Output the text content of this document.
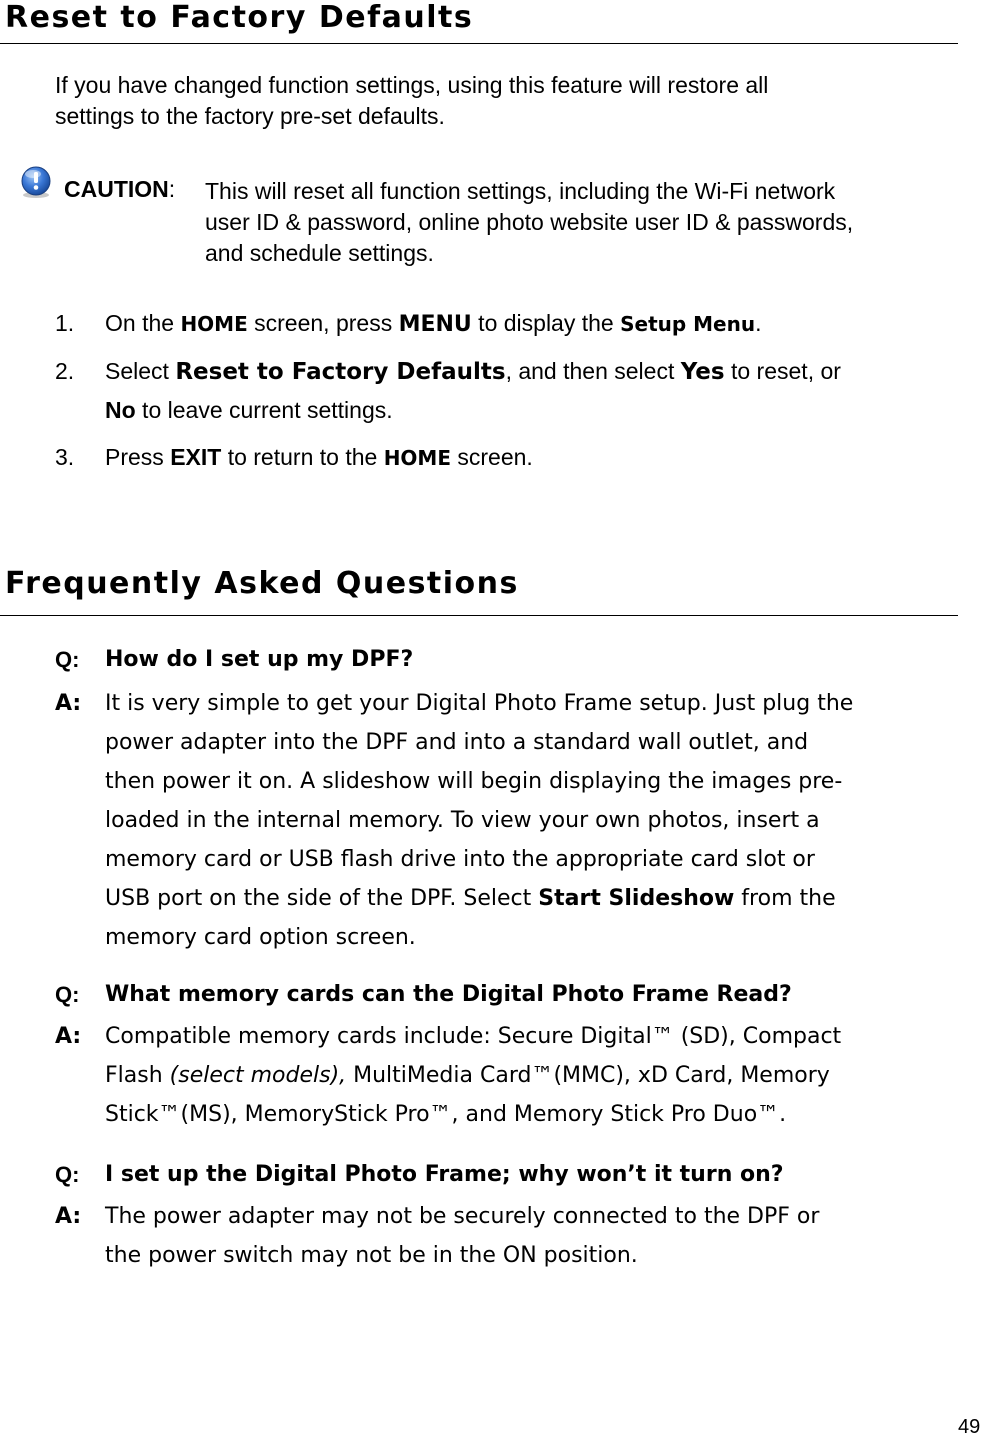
Reset to Factory Defaults
If you have changed function settings, using this feature will restore all
settings to the factory pre-set defaults.
CAUTION: This will reset all function settings, including the Wi-Fi network
user ID & password, online photo website user ID & passwords,
and schedule settings.
1. On the HOME screen, press MENU to display the Setup Menu.
2. Select Reset to Factory Defaults, and then select Yes to reset, or
No to leave current settings.
3. Press EXIT to return to the HOME screen.
Frequently Asked Questions
Q: How do I set up my DPF?
A: It is very simple to get your Digital Photo Frame setup. Just plug the
power adapter into the DPF and into a standard wall outlet, and
then power it on. A slideshow will begin displaying the images pre-
loaded in the internal memory. To view your own photos, insert a
memory card or USB flash drive into the appropriate card slot or
USB port on the side of the DPF. Select Start Slideshow from the
memory card option screen.
Q: What memory cards can the Digital Photo Frame Read?
A: Compatible memory cards include: Secure Digital™ (SD), Compact
Flash (select models), MultiMedia Card™(MMC), xD Card, Memory
Stick™(MS), MemoryStick Pro™, and Memory Stick Pro Duo™.
Q: I set up the Digital Photo Frame; why won’t it turn on?
A: The power adapter may not be securely connected to the DPF or
the power switch may not be in the ON position.
49
